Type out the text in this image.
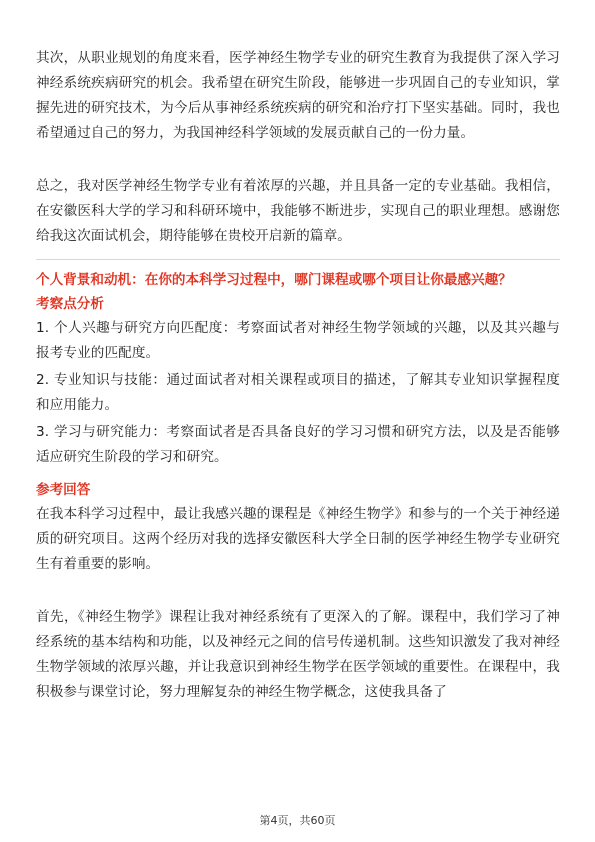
其次，从职业规划的角度来看，医学神经生物学专业的研究生教育为我提供了深入学习神经系统疾病研究的机会。我希望在研究生阶段，能够进一步巩固自己的专业知识，掌握先进的研究技术，为今后从事神经系统疾病的研究和治疗打下坚实基础。同时，我也希望通过自己的努力，为我国神经科学领域的发展贡献自己的一份力量。

总之，我对医学神经生物学专业有着浓厚的兴趣，并且具备一定的专业基础。我相信，在安徽医科大学的学习和科研环境中，我能够不断进步，实现自己的职业理想。感谢您给我这次面试机会，期待能够在贵校开启新的篇章。

个人背景和动机：在你的本科学习过程中，哪门课程或哪个项目让你最感兴趣？
考察点分析

1. 个人兴趣与研究方向匹配度：考察面试者对神经生物学领域的兴趣，以及其兴趣与报考专业的匹配度。

2. 专业知识与技能：通过面试者对相关课程或项目的描述，了解其专业知识掌握程度和应用能力。

3. 学习与研究能力：考察面试者是否具备良好的学习习惯和研究方法，以及是否能够适应研究生阶段的学习和研究。

参考回答

在我本科学习过程中，最让我感兴趣的课程是《神经生物学》和参与的一个关于神经递质的研究项目。这两个经历对我的选择安徽医科大学全日制的医学神经生物学专业研究生有着重要的影响。

首先，《神经生物学》课程让我对神经系统有了更深入的了解。课程中，我们学习了神经系统的基本结构和功能，以及神经元之间的信号传递机制。这些知识激发了我对神经生物学领域的浓厚兴趣，并让我意识到神经生物学在医学领域的重要性。在课程中，我积极参与课堂讨论，努力理解复杂的神经生物学概念，这使我具备了

第4页，共60页
